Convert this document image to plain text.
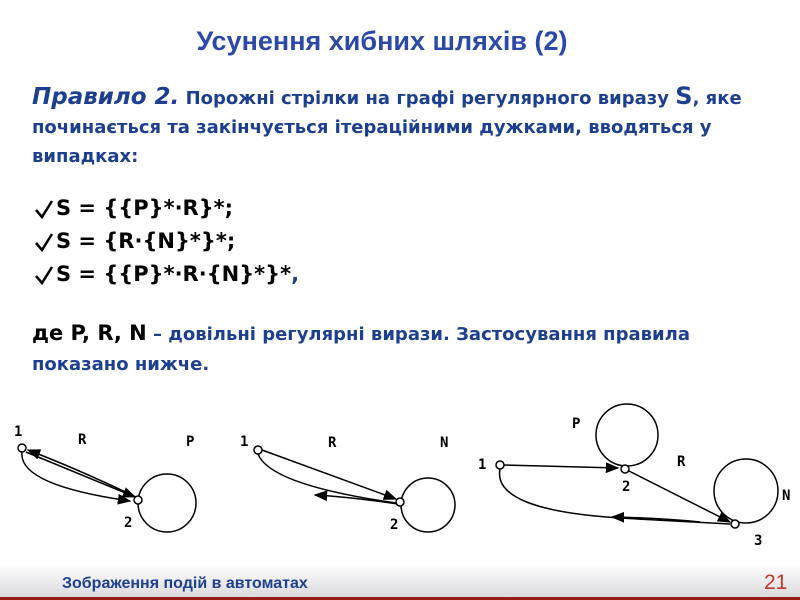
Усунення хибних шляхів (2)
Правило 2. Порожні стрілки на графі регулярного виразу S, яке починається та закінчується ітераційними дужками, вводяться у випадках:
S = {{P}*·R}*;
S = {R·{N}*}*;
S = {{P}*·R·{N}*}* ,
де P, R, N – довільні регулярні вирази. Застосування правила показано нижче.
1
2
R	P	1
2
R	N
1
2
3
P
R
N
Зображення подій в автоматах	21
